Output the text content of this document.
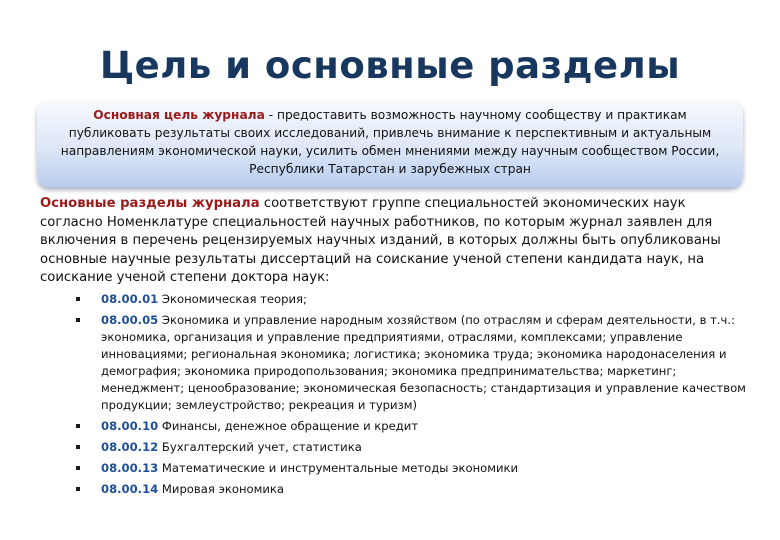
Цель и основные разделы
Основная цель журнала - предоставить возможность научному сообществу и практикам публиковать результаты своих исследований, привлечь внимание к перспективным и актуальным направлениям экономической науки, усилить обмен мнениями между научным сообществом России, Республики Татарстан и зарубежных стран
Основные разделы журнала соответствуют группе специальностей экономических наук согласно Номенклатуре специальностей научных работников, по которым журнал заявлен для включения в перечень рецензируемых научных изданий, в которых должны быть опубликованы основные научные результаты диссертаций на соискание ученой степени кандидата наук, на соискание ученой степени доктора наук:
08.00.01 Экономическая теория;
08.00.05 Экономика и управление народным хозяйством (по отраслям и сферам деятельности, в т.ч.: экономика, организация и управление предприятиями, отраслями, комплексами; управление инновациями; региональная экономика; логистика; экономика труда; экономика народонаселения и демография; экономика природопользования; экономика предпринимательства; маркетинг; менеджмент; ценообразование; экономическая безопасность; стандартизация и управление качеством продукции; землеустройство; рекреация и туризм)
08.00.10 Финансы, денежное обращение и кредит
08.00.12 Бухгалтерский учет, статистика
08.00.13 Математические и инструментальные методы экономики
08.00.14 Мировая экономика
